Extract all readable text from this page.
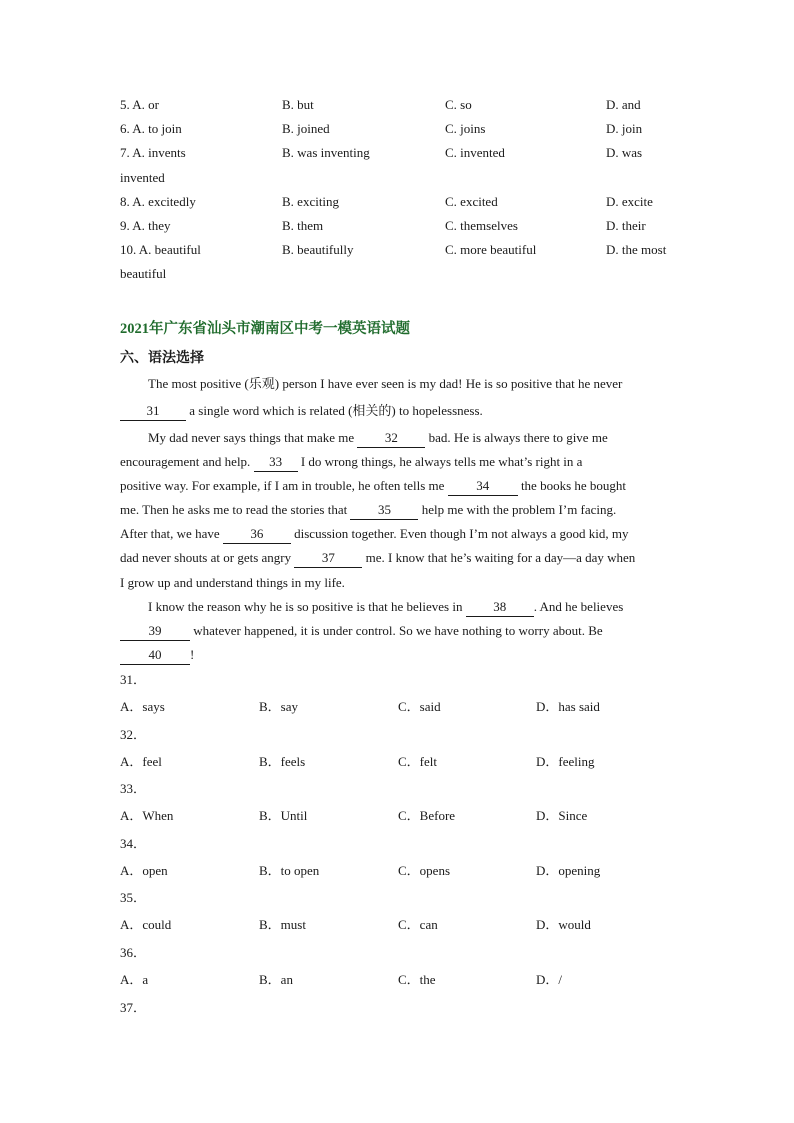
5. A. or	B. but	C. so	D. and
6. A. to join	B. joined	C. joins	D. join
7. A. invents	B. was inventing	C. invented	D. was
invented
8. A. excitedly	B. exciting	C. excited	D. excite
9. A. they	B. them	C. themselves	D. their
10. A. beautiful	B. beautifully	C. more beautiful	D. the most
beautiful
2021年广东省汕头市潮南区中考一模英语试题
六、语法选择
The most positive (乐观) person I have ever seen is my dad! He is so positive that he never
31 a single word which is related (相关的) to hopelessness.
My dad never says things that make me 32 bad. He is always there to give me
encouragement and help. 33 I do wrong things, he always tells me what’s right in a
positive way. For example, if I am in trouble, he often tells me 34 the books he bought
me. Then he asks me to read the stories that 35 help me with the problem I’m facing.
After that, we have 36 discussion together. Even though I’m not always a good kid, my
dad never shouts at or gets angry 37 me. I know that he’s waiting for a day—a day when
I grow up and understand things in my life.
I know the reason why he is so positive is that he believes in 38 . And he believes
39 whatever happened, it is under control. So we have nothing to worry about. Be
40 !
31．
A．says	B．say	C．said	D．has said
32．
A．feel	B．feels	C．felt	D．feeling
33．
A．When	B．Until	C．Before	D．Since
34．
A．open	B．to open	C．opens	D．opening
35．
A．could	B．must	C．can	D．would
36．
A．a	B．an	C．the	D．/
37．
